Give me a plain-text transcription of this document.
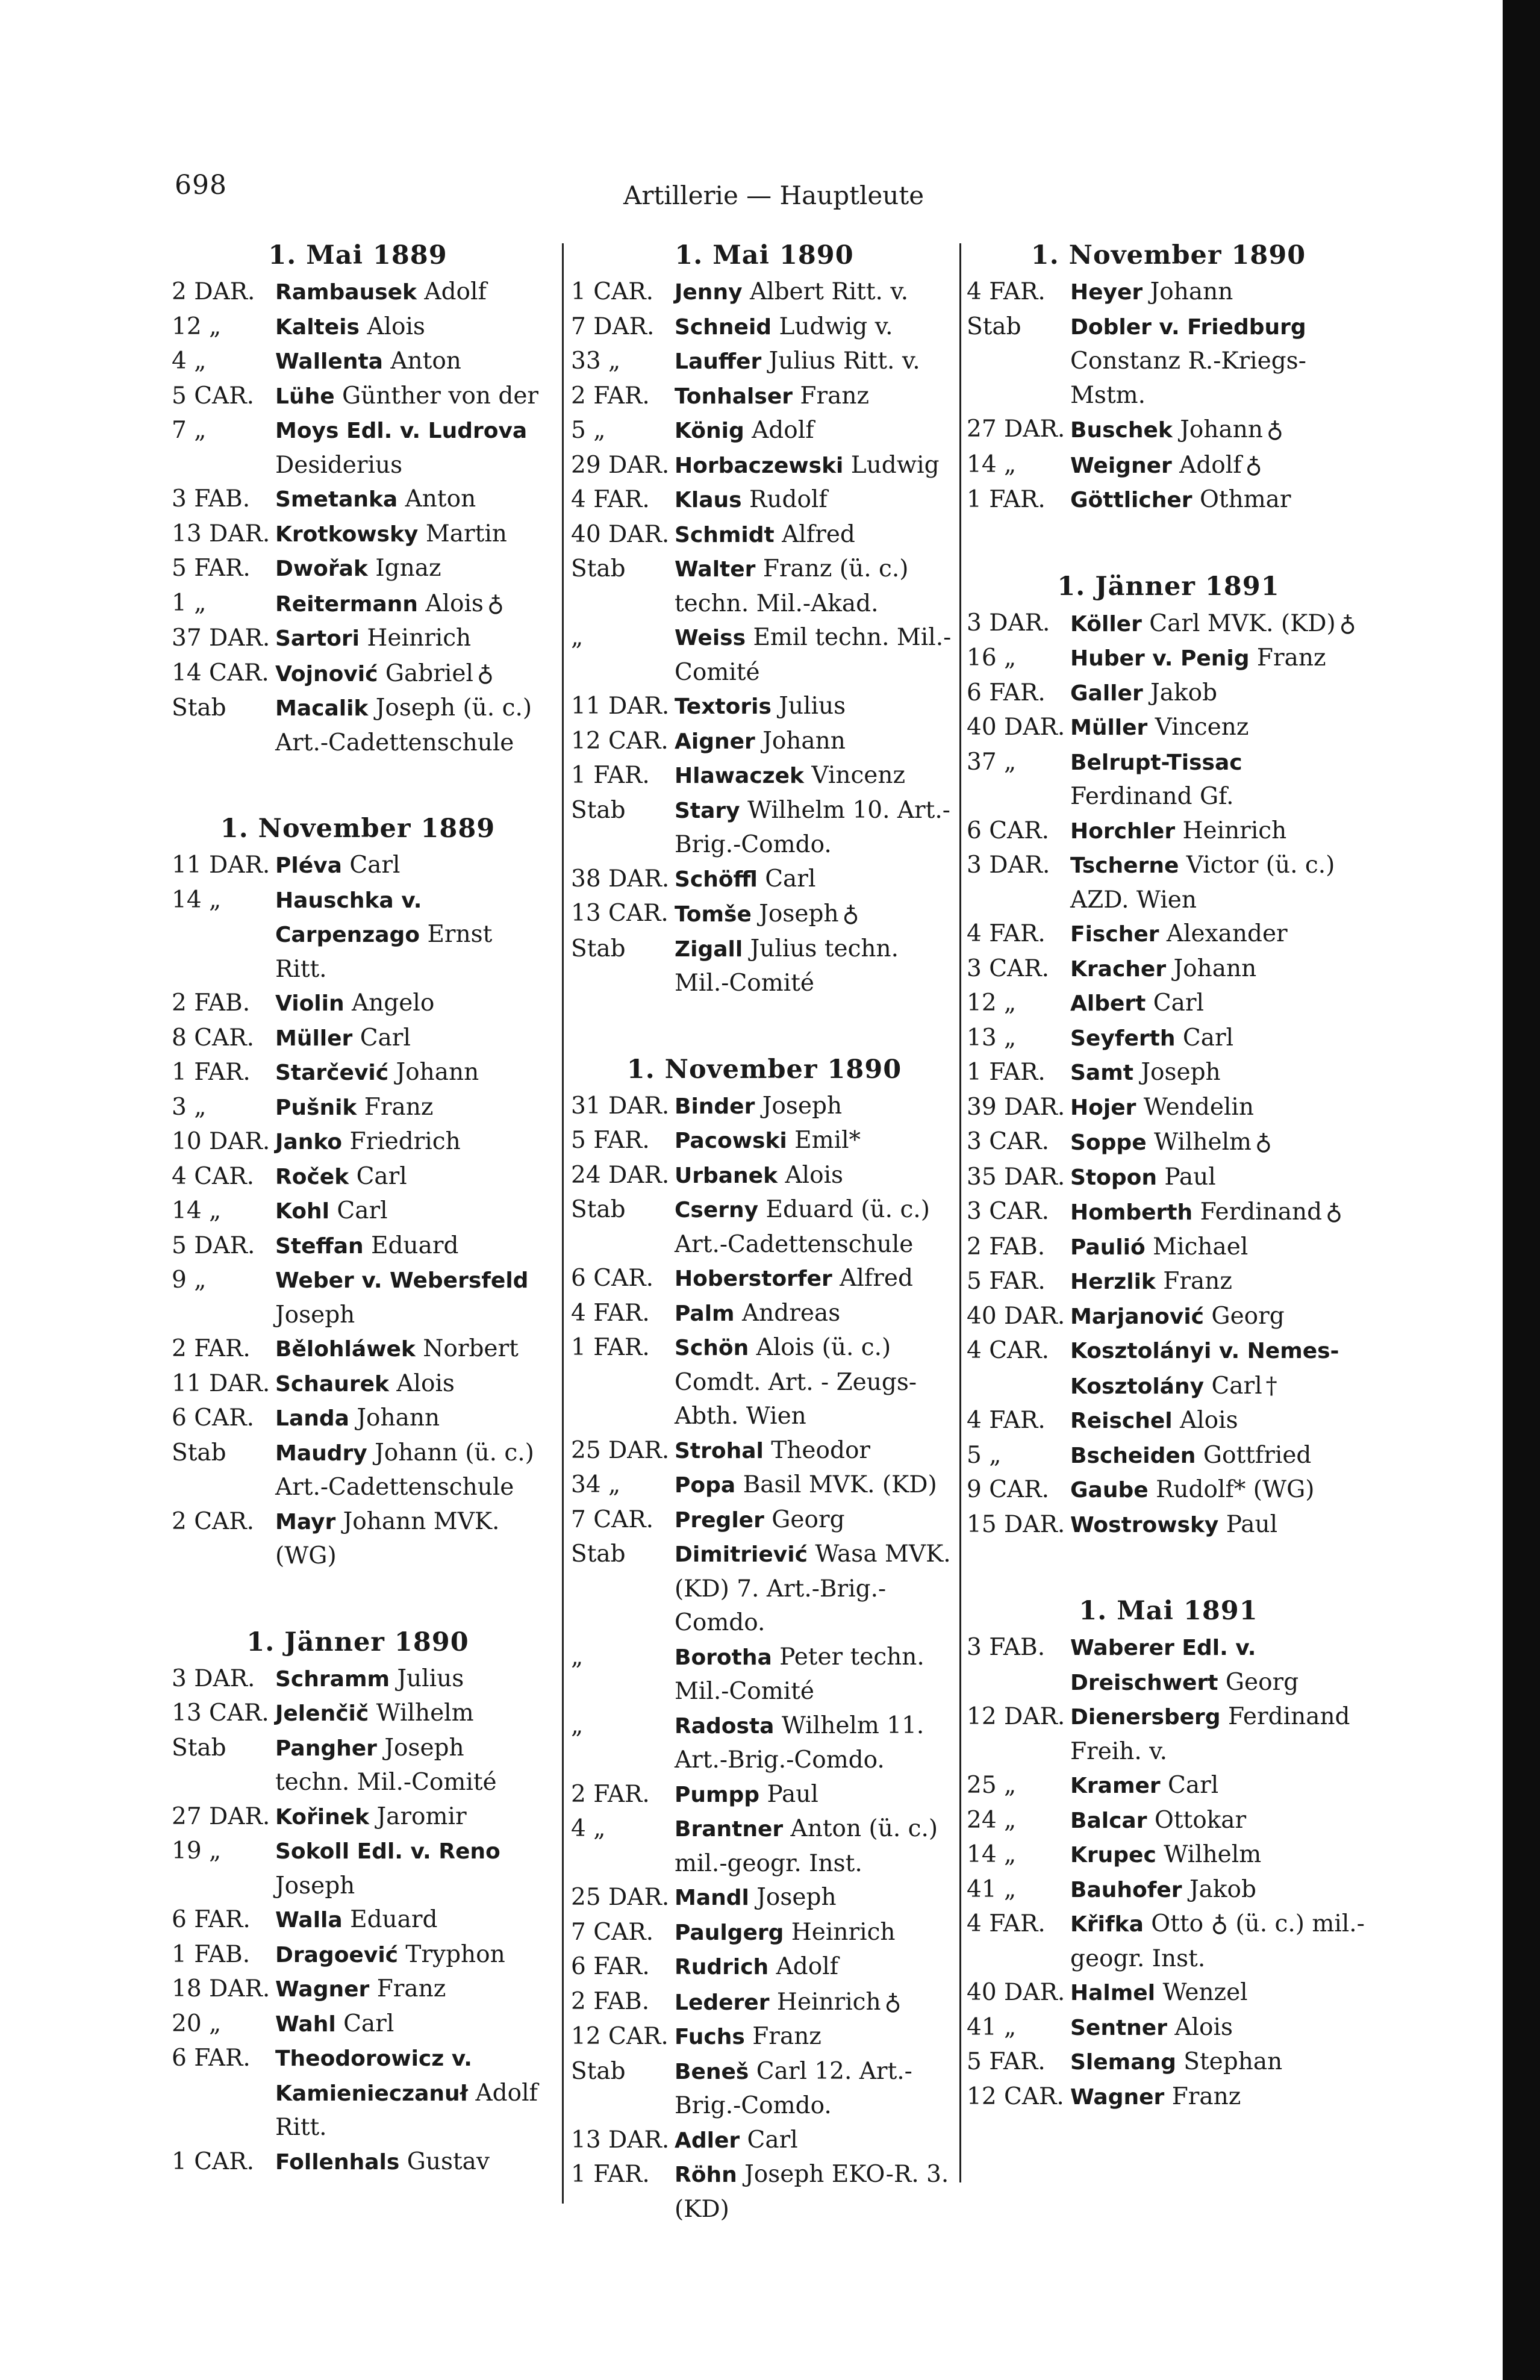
698	Artillerie — Hauptleute
1. Mai 1889
2 DAR. Rambausek Adolf
12 „	Kalteis Alois
4 „	Wallenta Anton
5 CAR. Lühe Günther von der
7 „	Moys Edl. v. Ludrova Desiderius
3 FAB.	Smetanka Anton
13 DAR. Krotkowsky Martin
5 FAR.	Dwořak Ignaz
1 „	Reitermann Alois ♁
37 DAR. Sartori Heinrich
14 CAR. Vojnović Gabriel ♁
Stab	Macalik Joseph (ü. c.) Art.-Cadettenschule
1. November 1889
11 DAR. Pléva Carl
14 „	Hauschka v. Carpenzago Ernst Ritt.
2 FAB.	Violin Angelo
8 CAR. Müller Carl
1 FAR.	Starčević Johann
3 „	Pušnik Franz
10 DAR. Janko Friedrich
4 CAR. Roček Carl
14 „	Kohl Carl
5 DAR. Steffan Eduard
9 „	Weber v. Webersfeld Joseph
2 FAR.	Bělohláwek Norbert
11 DAR. Schaurek Alois
6 CAR. Landa Johann
Stab	Maudry Johann (ü. c.) Art.-Cadettenschule
2 CAR. Mayr Johann MVK. (WG)
1. Jänner 1890
3 DAR. Schramm Julius
13 CAR. Jelenčič Wilhelm
Stab	Pangher Joseph techn. Mil.-Comité
27 DAR. Kořinek Jaromir
19 „	Sokoll Edl. v. Reno Joseph
6 FAR.	Walla Eduard
1 FAB.	Dragoević Tryphon
18 DAR. Wagner Franz
20 „	Wahl Carl
6 FAR.	Theodorowicz v. Kamienieczanuł Adolf Ritt.
1 CAR. Follenhals Gustav
1. Mai 1890
1 CAR. Jenny Albert Ritt. v.
7 DAR. Schneid Ludwig v.
33 „	Lauffer Julius Ritt. v.
2 FAR.	Tonhalser Franz
5 „	König Adolf
29 DAR. Horbaczewski Ludwig
4 FAR.	Klaus Rudolf
40 DAR. Schmidt Alfred
Stab	Walter Franz (ü. c.) techn. Mil.-Akad.
„	Weiss Emil techn. Mil.-Comité
11 DAR. Textoris Julius
12 CAR. Aigner Johann
1 FAR.	Hlawaczek Vincenz
Stab	Stary Wilhelm 10. Art.-Brig.-Comdo.
38 DAR. Schöffl Carl
13 CAR. Tomše Joseph ♁
Stab	Zigall Julius techn. Mil.-Comité
1. November 1890
31 DAR. Binder Joseph
5 FAR.	Pacowski Emil*
24 DAR. Urbanek Alois
Stab	Cserny Eduard (ü. c.) Art.-Cadettenschule
6 CAR. Hoberstorfer Alfred
4 FAR.	Palm Andreas
1 FAR.	Schön Alois (ü. c.) Comdt. Art. - Zeugs-Abth. Wien
25 DAR. Strohal Theodor
34 „	Popa Basil MVK. (KD)
7 CAR. Pregler Georg
Stab	Dimitriević Wasa MVK. (KD) 7. Art.-Brig.-Comdo.
„	Borotha Peter techn. Mil.-Comité
„	Radosta Wilhelm 11. Art.-Brig.-Comdo.
2 FAR.	Pumpp Paul
4 „	Brantner Anton (ü. c.) mil.-geogr. Inst.
25 DAR. Mandl Joseph
7 CAR. Paulgerg Heinrich
6 FAR.	Rudrich Adolf
2 FAB.	Lederer Heinrich ♁
12 CAR. Fuchs Franz
Stab	Beneš Carl 12. Art.-Brig.-Comdo.
13 DAR. Adler Carl
1 FAR.	Röhn Joseph EKO-R. 3. (KD)
1. November 1890
4 FAR.	Heyer Johann
Stab	Dobler v. Friedburg Constanz R.-Kriegs-Mstm.
27 DAR. Buschek Johann ♁
14 „	Weigner Adolf ♁
1 FAR.	Göttlicher Othmar
1. Jänner 1891
3 DAR. Köller Carl MVK. (KD) ♁
16 „	Huber v. Penig Franz
6 FAR.	Galler Jakob
40 DAR. Müller Vincenz
37 „	Belrupt-Tissac Ferdinand Gf.
6 CAR. Horchler Heinrich
3 DAR. Tscherne Victor (ü. c.) AZD. Wien
4 FAR.	Fischer Alexander
3 CAR. Kracher Johann
12 „	Albert Carl
13 „	Seyferth Carl
1 FAR.	Samt Joseph
39 DAR. Hojer Wendelin
3 CAR. Soppe Wilhelm ♁
35 DAR. Stopon Paul
3 CAR. Homberth Ferdinand ♁
2 FAB.	Paulió Michael
5 FAR.	Herzlik Franz
40 DAR. Marjanović Georg
4 CAR. Kosztolányi v. Nemes-Kosztolány Carl †
4 FAR.	Reischel Alois
5 „	Bscheiden Gottfried
9 CAR. Gaube Rudolf* (WG)
15 DAR. Wostrowsky Paul
1. Mai 1891
3 FAB.	Waberer Edl. v. Dreischwert Georg
12 DAR. Dienersberg Ferdinand Freih. v.
25 „	Kramer Carl
24 „	Balcar Ottokar
14 „	Krupec Wilhelm
41 „	Bauhofer Jakob
4 FAR.	Křifka Otto ♁ (ü. c.) mil.-geogr. Inst.
40 DAR. Halmel Wenzel
41 „	Sentner Alois
5 FAR.	Slemang Stephan
12 CAR. Wagner Franz
